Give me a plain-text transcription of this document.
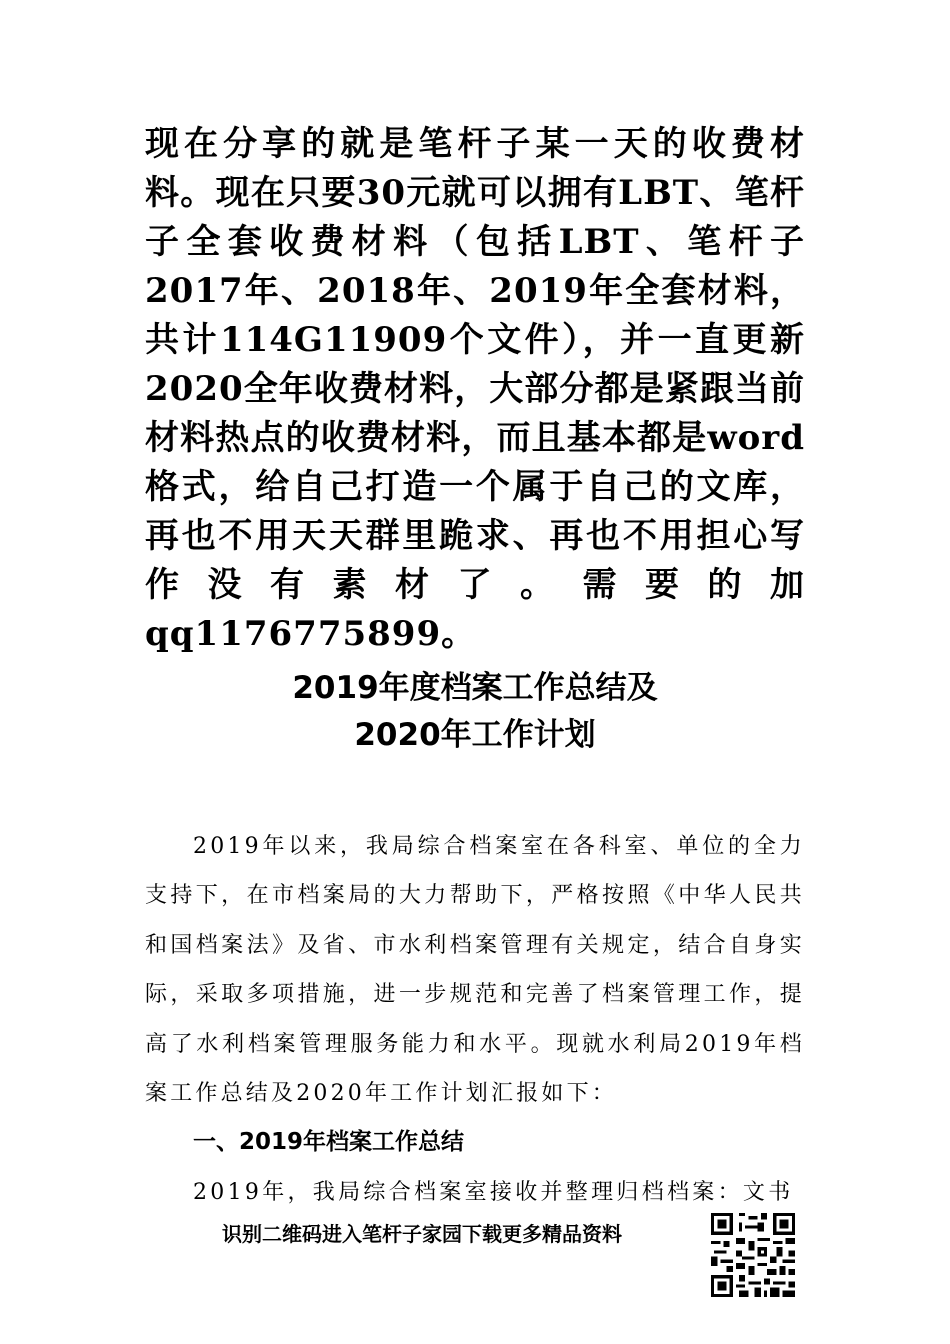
现在分享的就是笔杆子某一天的收费材料。现在只要30元就可以拥有LBT、笔杆子全套收费材料（包括LBT、笔杆子2017年、2018年、2019年全套材料，共计114G11909个文件），并一直更新2020全年收费材料，大部分都是紧跟当前材料热点的收费材料，而且基本都是word格式，给自己打造一个属于自己的文库，再也不用天天群里跪求、再也不用担心写作没有素材了。需要的加qq1176775899。
2019年度档案工作总结及
2020年工作计划

2019年以来，我局综合档案室在各科室、单位的全力支持下，在市档案局的大力帮助下，严格按照《中华人民共和国档案法》及省、市水利档案管理有关规定，结合自身实际，采取多项措施，进一步规范和完善了档案管理工作，提高了水利档案管理服务能力和水平。现就水利局2019年档案工作总结及2020年工作计划汇报如下：

一、2019年档案工作总结
2019年，我局综合档案室接收并整理归档档案：文书
识别二维码进入笔杆子家园下载更多精品资料
